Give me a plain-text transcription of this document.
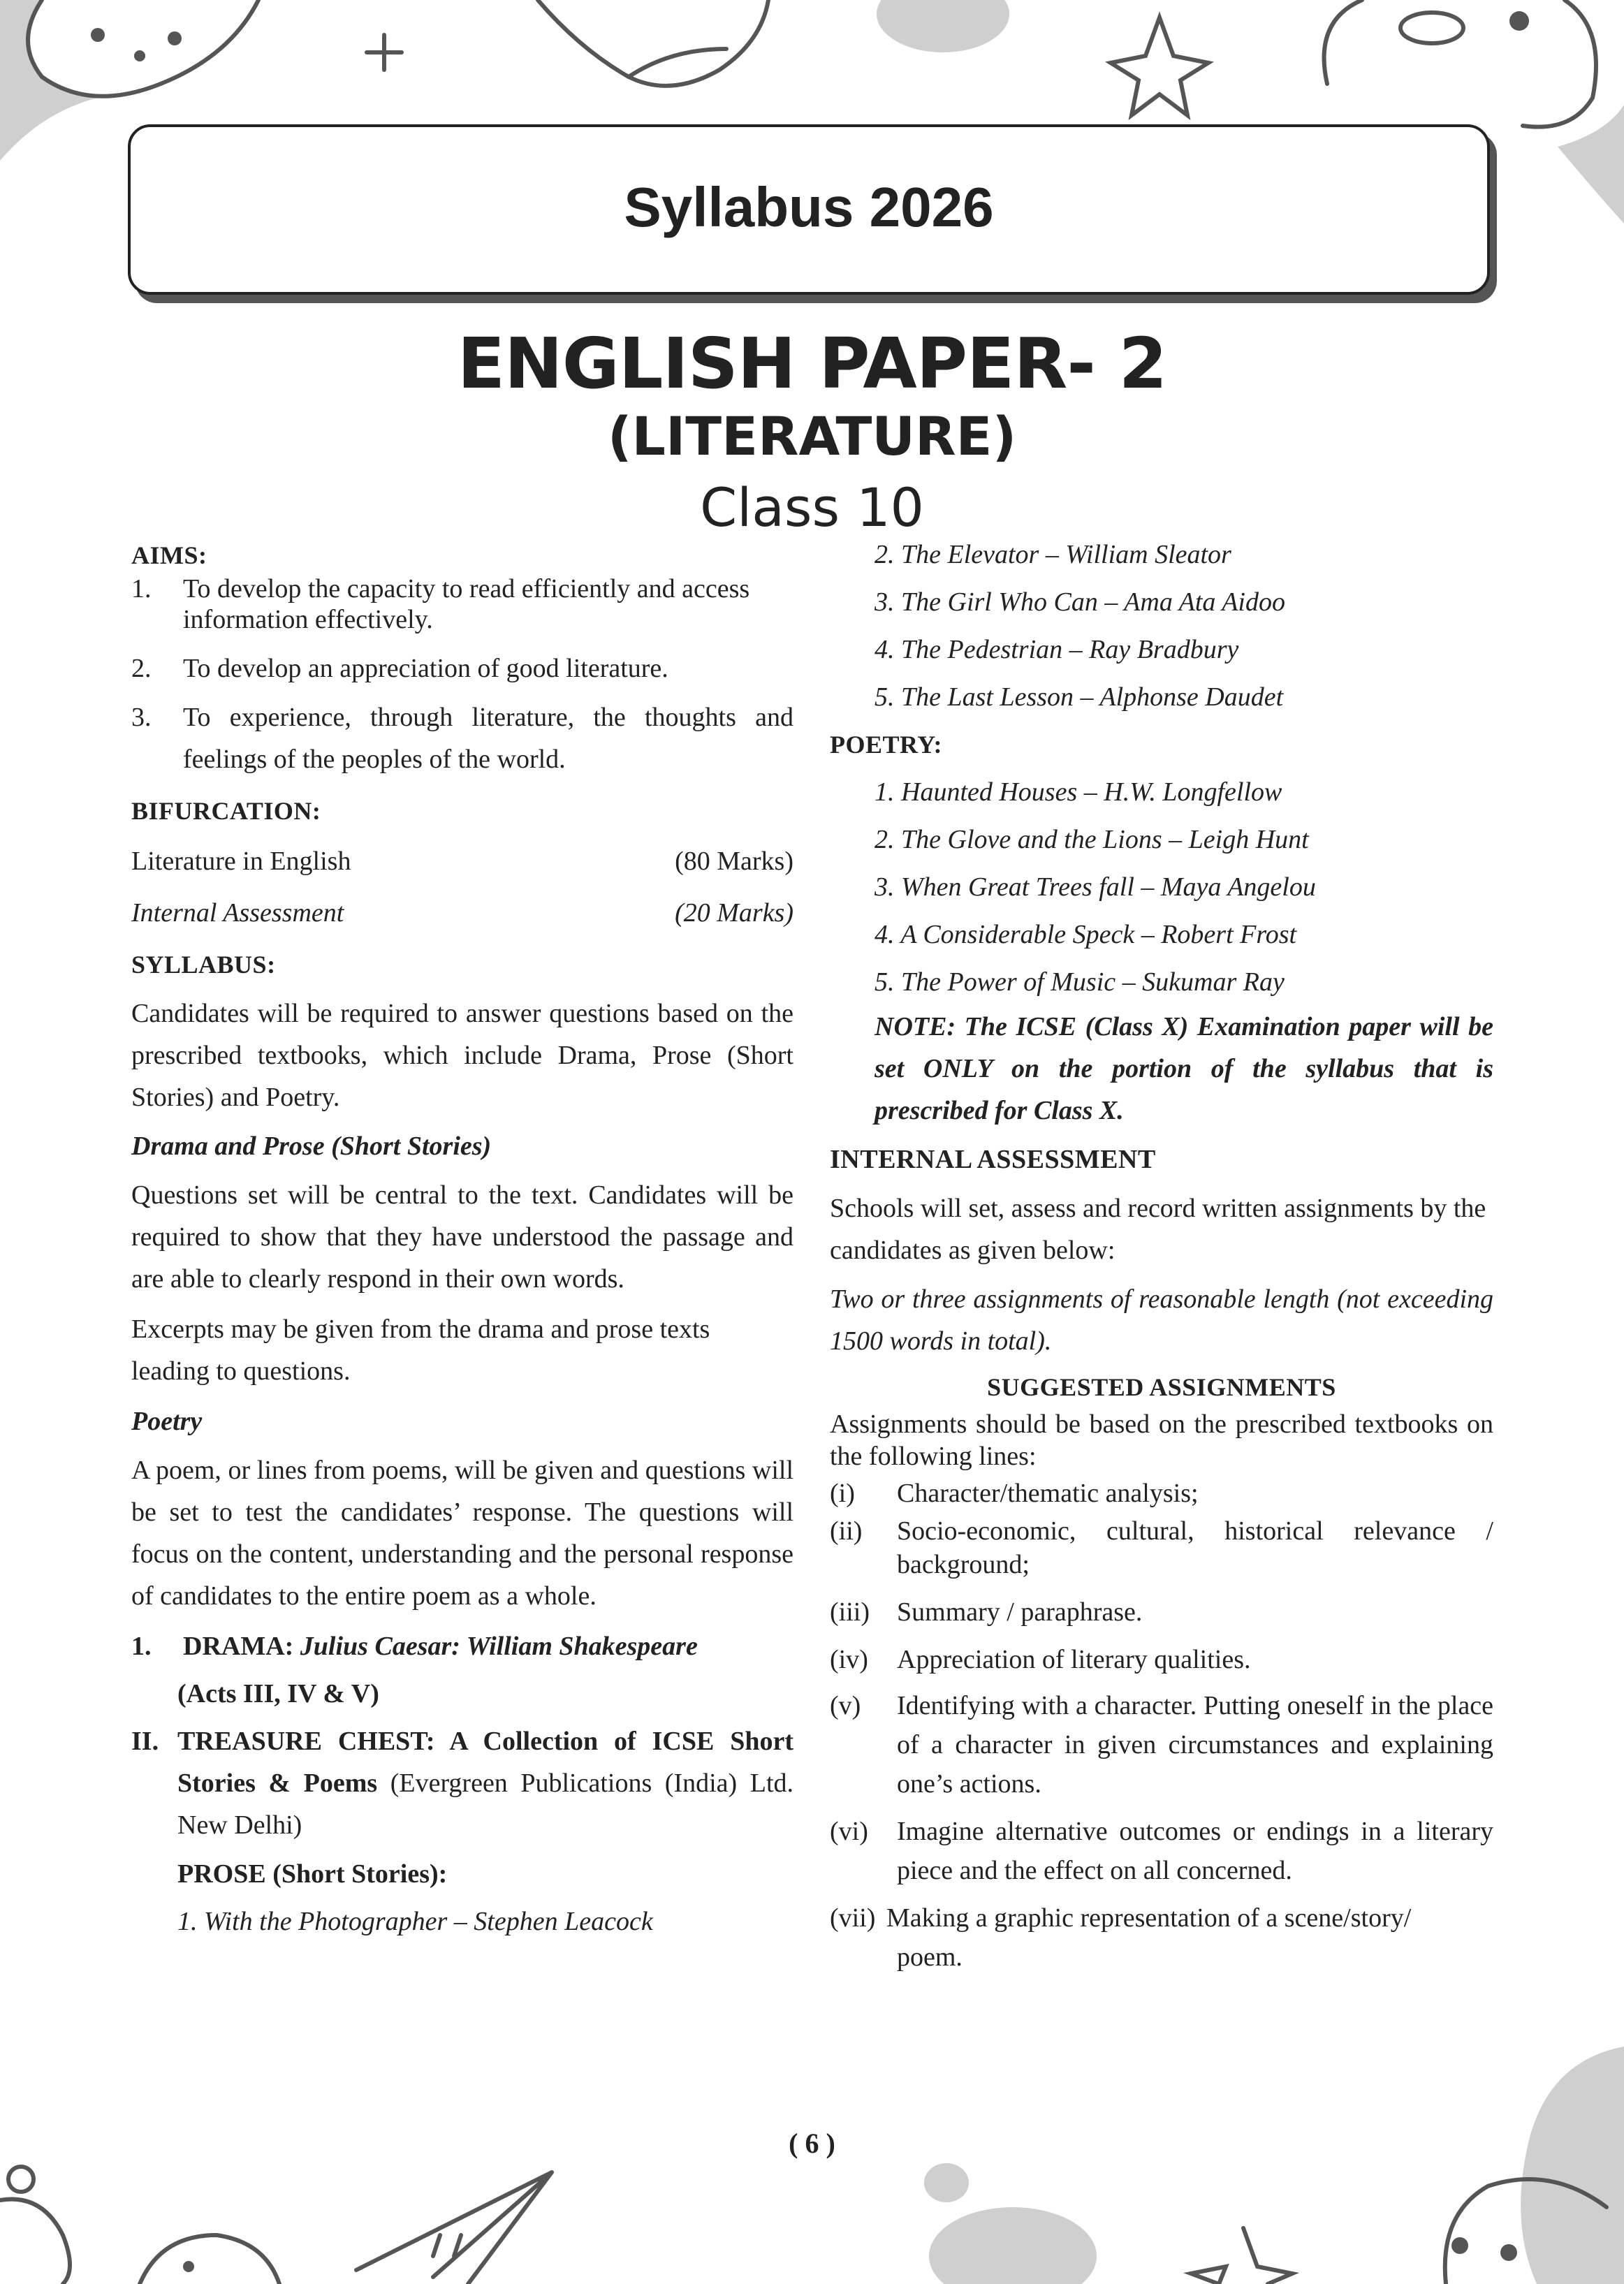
Syllabus 2026
ENGLISH PAPER- 2
(LITERATURE)
Class 10

AIMS:

1.	To develop the capacity to read efficiently and access information effectively.
2.	To develop an appreciation of good literature.
3.	To experience, through literature, the thoughts and feelings of the peoples of the world.

BIFURCATION:

Literature in English	(80 Marks)
Internal Assessment	(20 Marks)

SYLLABUS:

Candidates will be required to answer questions based on the prescribed textbooks, which include Drama, Prose (Short Stories) and Poetry.

Drama and Prose (Short Stories)

Questions set will be central to the text. Candidates will be required to show that they have understood the passage and are able to clearly respond in their own words.

Excerpts may be given from the drama and prose texts leading to questions.

Poetry

A poem, or lines from poems, will be given and questions will be set to test the candidates’ response. The questions will focus on the content, understanding and the personal response of candidates to the entire poem as a whole.

1.	DRAMA: Julius Caesar: William Shakespeare

(Acts III, IV & V)

II. TREASURE CHEST: A Collection of ICSE Short Stories & Poems (Evergreen Publications (India) Ltd. New Delhi)

PROSE (Short Stories):

1. With the Photographer – Stephen Leacock

2. The Elevator – William Sleator

3. The Girl Who Can – Ama Ata Aidoo

4. The Pedestrian – Ray Bradbury

5. The Last Lesson – Alphonse Daudet

POETRY:

1. Haunted Houses – H.W. Longfellow

2. The Glove and the Lions – Leigh Hunt

3. When Great Trees fall – Maya Angelou

4. A Considerable Speck – Robert Frost

5. The Power of Music – Sukumar Ray

NOTE: The ICSE (Class X) Examination paper will be set ONLY on the portion of the syllabus that is prescribed for Class X.

INTERNAL ASSESSMENT

Schools will set, assess and record written assignments by the candidates as given below:

Two or three assignments of reasonable length (not exceeding 1500 words in total).

SUGGESTED ASSIGNMENTS

Assignments should be based on the prescribed textbooks on the following lines:

(i)	Character/thematic analysis;
(ii)	Socio-economic, cultural, historical relevance / background;
(iii)	Summary / paraphrase.
(iv)	Appreciation of literary qualities.
(v)	Identifying with a character. Putting oneself in the place of a character in given circumstances and explaining one’s actions.
(vi)	Imagine alternative outcomes or endings in a literary piece and the effect on all concerned.
(vii) Making a graphic representation of a scene/story/
poem.
( 6 )
